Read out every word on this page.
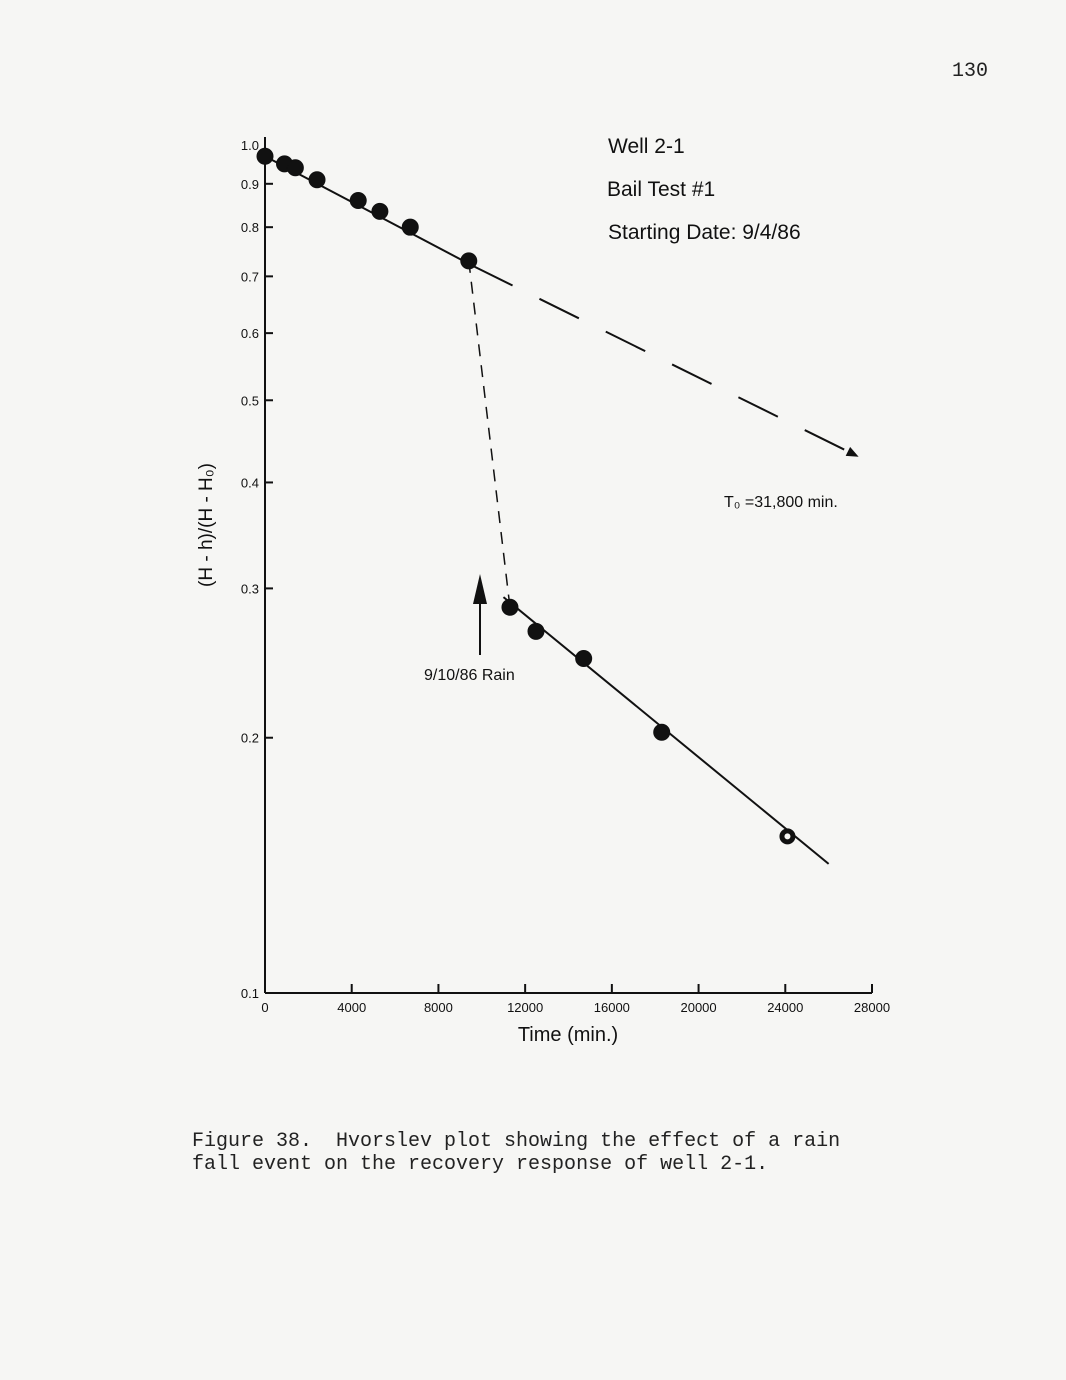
130
0	4000	8000	12000	16000	20000	24000	28000
0.1
0.2
0.3
0.4
0.5
0.6
0.7
0.8
0.9
1.0	Well 2-1
Bail Test #1
Starting Date: 9/4/86
Time (min.)
(H - h)/(H - H₀)	T₀ =31,800 min.
9/10/86 Rain

Figure 38.  Hvorslev plot showing the effect of a rain
fall event on the recovery response of well 2-1.
